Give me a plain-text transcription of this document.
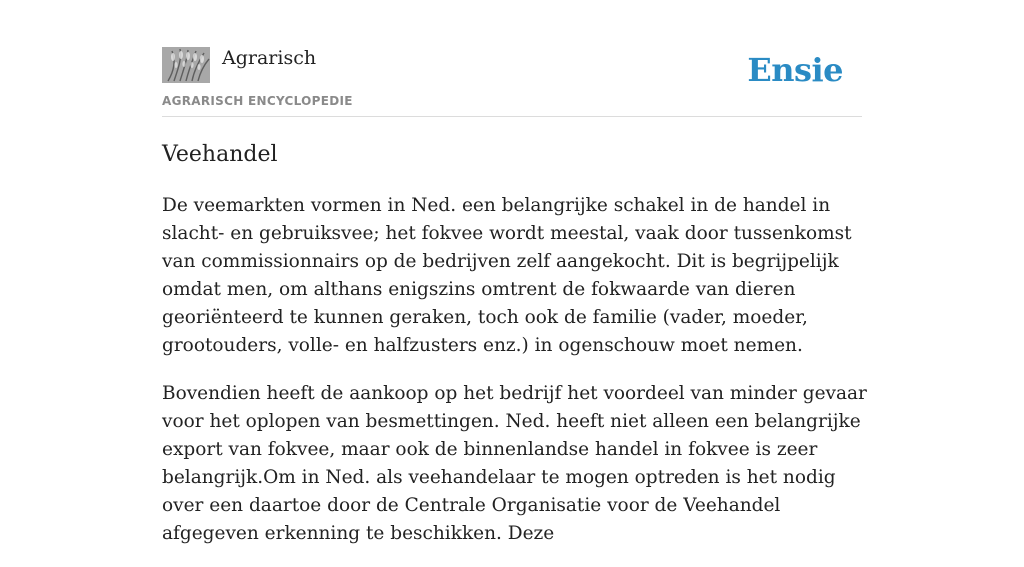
Agrarisch
AGRARISCH ENCYCLOPEDIE
Ensie
Veehandel

De veemarkten vormen in Ned. een belangrijke schakel in de handel in slacht- en gebruiksvee; het fokvee wordt meestal, vaak door tussenkomst van commissionnairs op de bedrijven zelf aangekocht. Dit is begrijpelijk omdat men, om althans enigszins omtrent de fokwaarde van dieren georiënteerd te kunnen geraken, toch ook de familie (vader, moeder, grootouders, volle- en halfzusters enz.) in ogenschouw moet nemen.

Bovendien heeft de aankoop op het bedrijf het voordeel van minder gevaar voor het oplopen van besmettingen. Ned. heeft niet alleen een belangrijke export van fokvee, maar ook de binnenlandse handel in fokvee is zeer belangrijk.Om in Ned. als veehandelaar te mogen optreden is het nodig over een daartoe door de Centrale Organisatie voor de Veehandel afgegeven erkenning te beschikken. Deze
